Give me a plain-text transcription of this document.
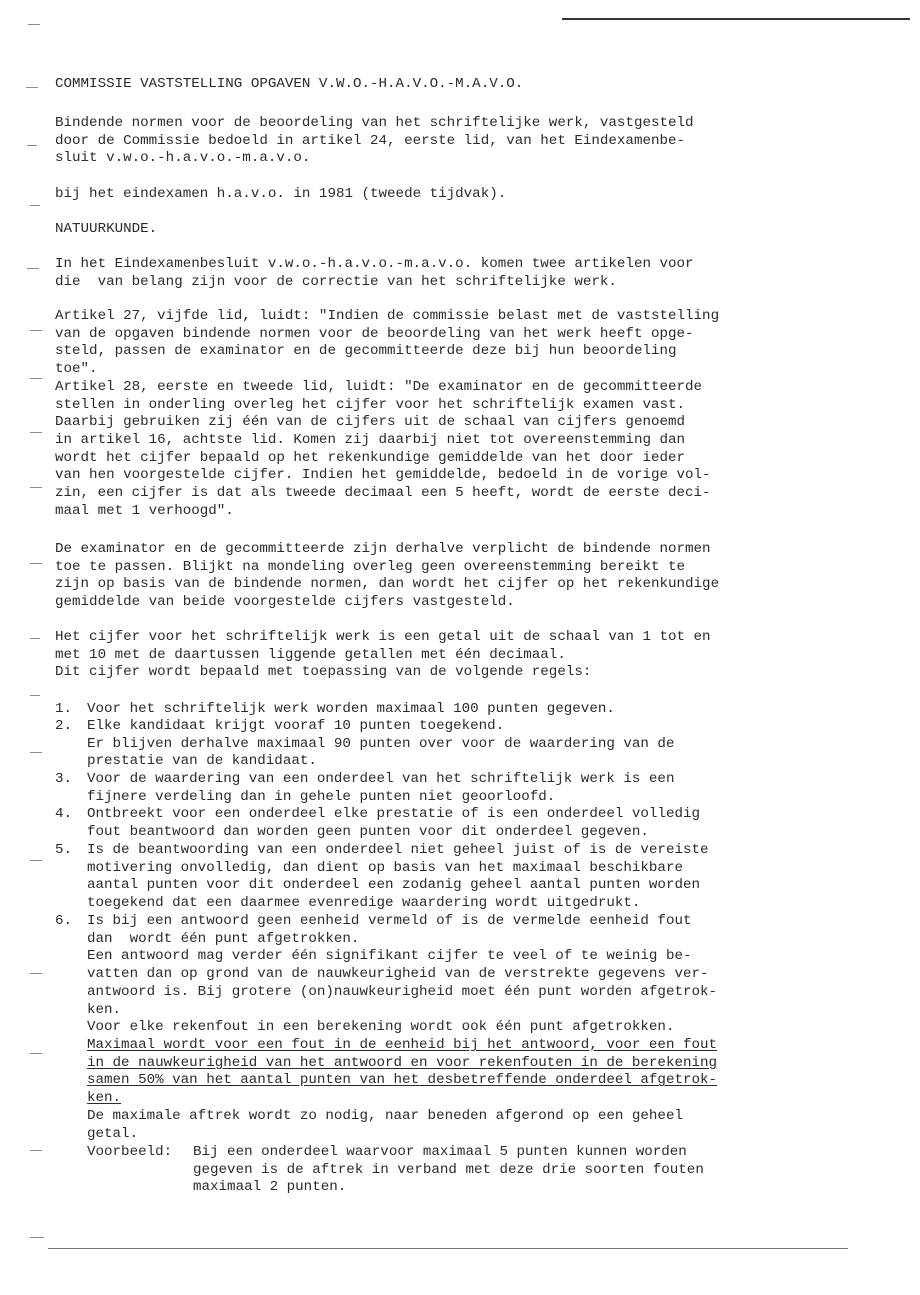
COMMISSIE VASTSTELLING OPGAVEN V.W.O.-H.A.V.O.-M.A.V.O.
Bindende normen voor de beoordeling van het schriftelijke werk, vastgesteld
door de Commissie bedoeld in artikel 24, eerste lid, van het Eindexamenbe-
sluit v.w.o.-h.a.v.o.-m.a.v.o.
bij het eindexamen h.a.v.o. in 1981 (tweede tijdvak).
NATUURKUNDE.
In het Eindexamenbesluit v.w.o.-h.a.v.o.-m.a.v.o. komen twee artikelen voor
die  van belang zijn voor de correctie van het schriftelijke werk.
Artikel 27, vijfde lid, luidt: "Indien de commissie belast met de vaststelling
van de opgaven bindende normen voor de beoordeling van het werk heeft opge-
steld, passen de examinator en de gecommitteerde deze bij hun beoordeling
toe".
Artikel 28, eerste en tweede lid, luidt: "De examinator en de gecommitteerde
stellen in onderling overleg het cijfer voor het schriftelijk examen vast.
Daarbij gebruiken zij één van de cijfers uit de schaal van cijfers genoemd
in artikel 16, achtste lid. Komen zij daarbij niet tot overeenstemming dan
wordt het cijfer bepaald op het rekenkundige gemiddelde van het door ieder
van hen voorgestelde cijfer. Indien het gemiddelde, bedoeld in de vorige vol-
zin, een cijfer is dat als tweede decimaal een 5 heeft, wordt de eerste deci-
maal met 1 verhoogd".
De examinator en de gecommitteerde zijn derhalve verplicht de bindende normen
toe te passen. Blijkt na mondeling overleg geen overeenstemming bereikt te
zijn op basis van de bindende normen, dan wordt het cijfer op het rekenkundige
gemiddelde van beide voorgestelde cijfers vastgesteld.
Het cijfer voor het schriftelijk werk is een getal uit de schaal van 1 tot en
met 10 met de daartussen liggende getallen met één decimaal.
Dit cijfer wordt bepaald met toepassing van de volgende regels:
1. Voor het schriftelijk werk worden maximaal 100 punten gegeven.
2. Elke kandidaat krijgt vooraf 10 punten toegekend.
Er blijven derhalve maximaal 90 punten over voor de waardering van de
prestatie van de kandidaat.
3. Voor de waardering van een onderdeel van het schriftelijk werk is een
fijnere verdeling dan in gehele punten niet geoorloofd.
4. Ontbreekt voor een onderdeel elke prestatie of is een onderdeel volledig
fout beantwoord dan worden geen punten voor dit onderdeel gegeven.
5. Is de beantwoording van een onderdeel niet geheel juist of is de vereiste
motivering onvolledig, dan dient op basis van het maximaal beschikbare
aantal punten voor dit onderdeel een zodanig geheel aantal punten worden
toegekend dat een daarmee evenredige waardering wordt uitgedrukt.
6. Is bij een antwoord geen eenheid vermeld of is de vermelde eenheid fout
dan  wordt één punt afgetrokken.
Een antwoord mag verder één signifikant cijfer te veel of te weinig be-
vatten dan op grond van de nauwkeurigheid van de verstrekte gegevens ver-
antwoord is. Bij grotere (on)nauwkeurigheid moet één punt worden afgetrok-
ken.
Voor elke rekenfout in een berekening wordt ook één punt afgetrokken.
Maximaal wordt voor een fout in de eenheid bij het antwoord, voor een fout
in de nauwkeurigheid van het antwoord en voor rekenfouten in de berekening
samen 50% van het aantal punten van het desbetreffende onderdeel afgetrok-
ken.
De maximale aftrek wordt zo nodig, naar beneden afgerond op een geheel
getal.
Voorbeeld:	Bij een onderdeel waarvoor maximaal 5 punten kunnen worden
gegeven is de aftrek in verband met deze drie soorten fouten
maximaal 2 punten.
